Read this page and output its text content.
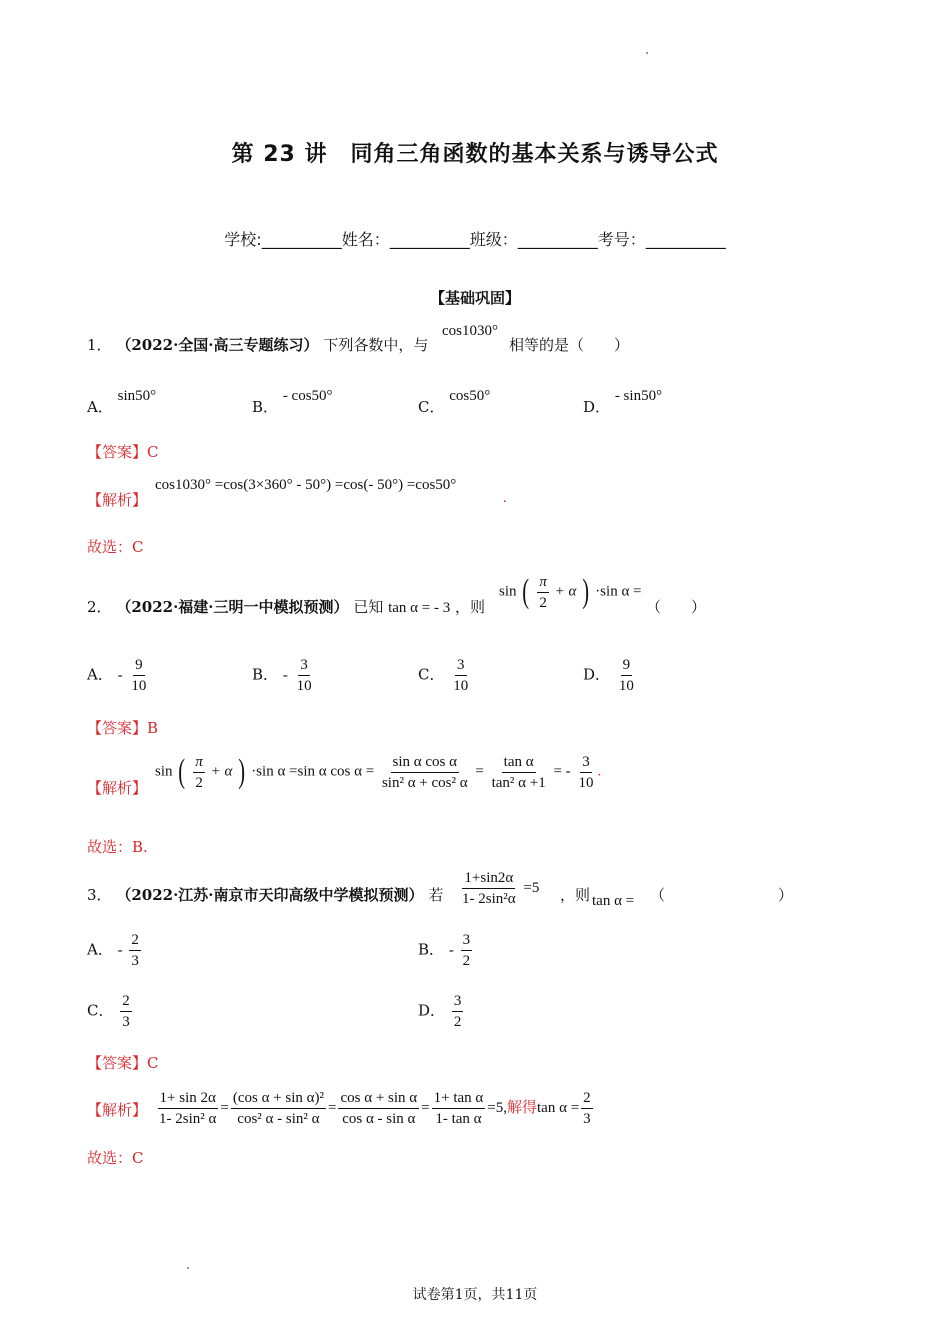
第 23 讲　同角三角函数的基本关系与诱导公式
学校:__________姓名：__________班级：__________考号：__________
【基础巩固】
1． （2022·全国·高三专题练习） 下列各数中，与
cos1030°
相等的是（　　）
A． sin50°
B． - cos50°
C． cos50°
D． - sin50°
【答案】C
【解析】
cos1030° =cos(3×360° - 50°) =cos(- 50°) =cos50°
.
故选：C
2． （2022·福建·三明一中模拟预测） 已知 tan α = - 3 ，则
sin ( $\frac{\pi}{2} + \alpha$ ) ·sin α =
（　　）
A． - $\frac{9}{10}$	B． - $\frac{3}{10}$	C． $\frac{3}{10}$	D． $\frac{9}{10}$
【答案】B
【解析】
sin ( $\frac{\pi}{2} + \alpha$ ) ·sin α =sin α $\cos \alpha = \frac{\text{sin α cos α}}{\text{sin² α + cos² α}} = \frac{\text{tan α}}{\text{tan² α +1}}$ = - $\frac{3}{10}$ .
故选：B.
3． （2022·江苏·南京市天印高级中学模拟预测） 若 $\frac{1+\sin 2\alpha}{\text{1- 2sin²α}} =5$ ，则 tan α = （	）
A． - $\frac{2}{3}$	B． - $\frac{3}{2}$
C． $\frac{2}{3}$	D． $\frac{3}{2}$
【答案】C
【解析】 $\frac{1+ \sin 2\alpha}{\text{1- 2sin² α}} = \frac{\text{(cos α + sin α)²}}{\text{cos² α - sin² α}} = \frac{\text{cos α + sin α}}{\text{cos α - sin α}} = \frac{\text{1+ tan α}}{\text{1- tan α}} =5$,解得$\tan \alpha = \frac{2}{3}$
故选：C
试卷第1页，共11页
